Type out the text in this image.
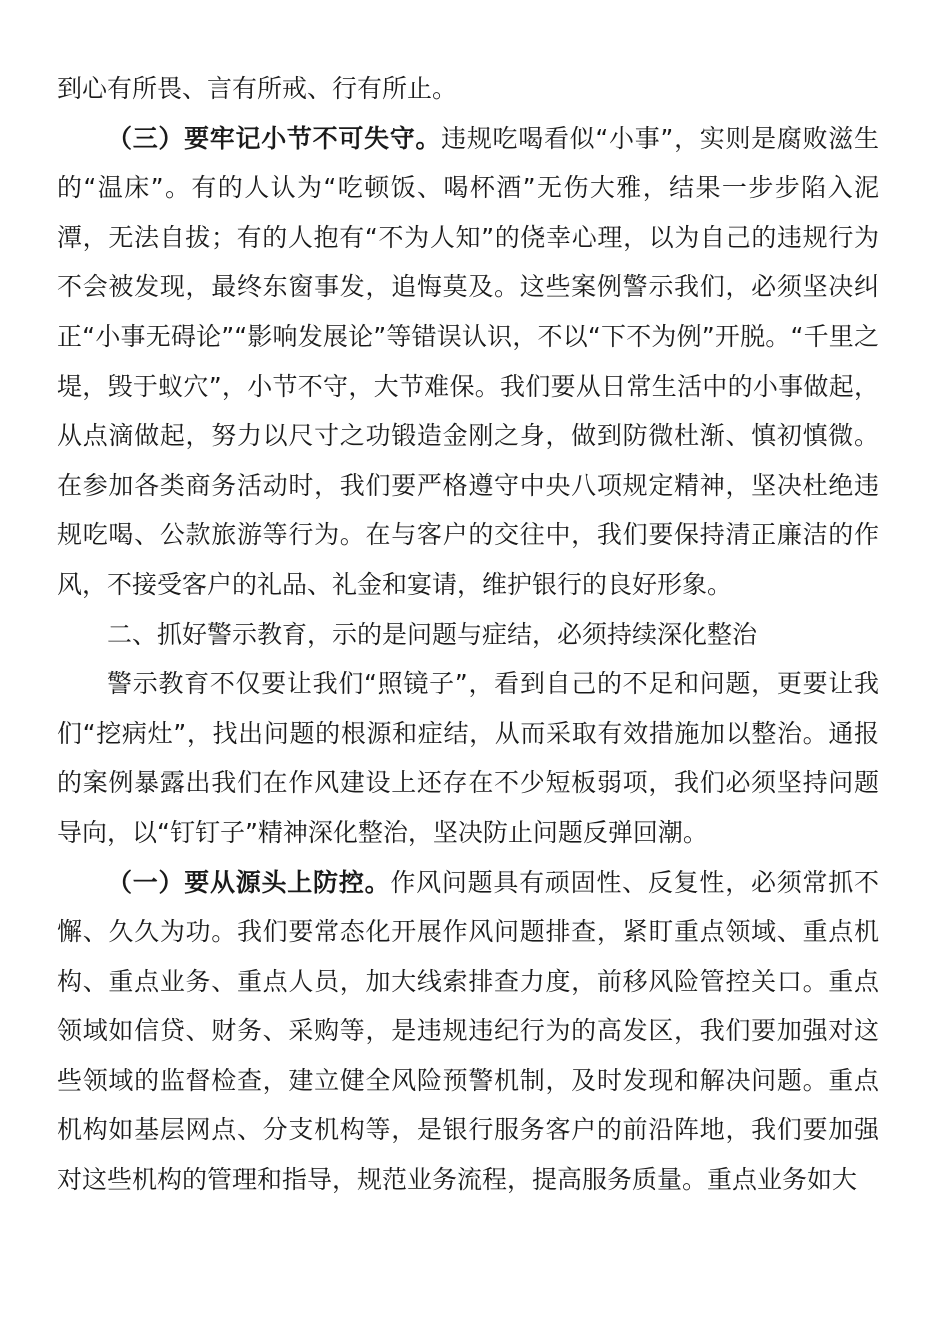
到心有所畏、言有所戒、行有所止。

（三）要牢记小节不可失守。违规吃喝看似“小事”，实则是腐败滋生的“温床”。有的人认为“吃顿饭、喝杯酒”无伤大雅，结果一步步陷入泥潭，无法自拔；有的人抱有“不为人知”的侥幸心理，以为自己的违规行为不会被发现，最终东窗事发，追悔莫及。这些案例警示我们，必须坚决纠正“小事无碍论”“影响发展论”等错误认识，不以“下不为例”开脱。“千里之堤，毁于蚁穴”，小节不守，大节难保。我们要从日常生活中的小事做起，从点滴做起，努力以尺寸之功锻造金刚之身，做到防微杜渐、慎初慎微。在参加各类商务活动时，我们要严格遵守中央八项规定精神，坚决杜绝违规吃喝、公款旅游等行为。在与客户的交往中，我们要保持清正廉洁的作风，不接受客户的礼品、礼金和宴请，维护银行的良好形象。

二、抓好警示教育，示的是问题与症结，必须持续深化整治

警示教育不仅要让我们“照镜子”，看到自己的不足和问题，更要让我们“挖病灶”，找出问题的根源和症结，从而采取有效措施加以整治。通报的案例暴露出我们在作风建设上还存在不少短板弱项，我们必须坚持问题导向，以“钉钉子”精神深化整治，坚决防止问题反弹回潮。

（一）要从源头上防控。作风问题具有顽固性、反复性，必须常抓不懈、久久为功。我们要常态化开展作风问题排查，紧盯重点领域、重点机构、重点业务、重点人员，加大线索排查力度，前移风险管控关口。重点领域如信贷、财务、采购等，是违规违纪行为的高发区，我们要加强对这些领域的监督检查，建立健全风险预警机制，及时发现和解决问题。重点机构如基层网点、分支机构等，是银行服务客户的前沿阵地，我们要加强对这些机构的管理和指导，规范业务流程，提高服务质量。重点业务如大
